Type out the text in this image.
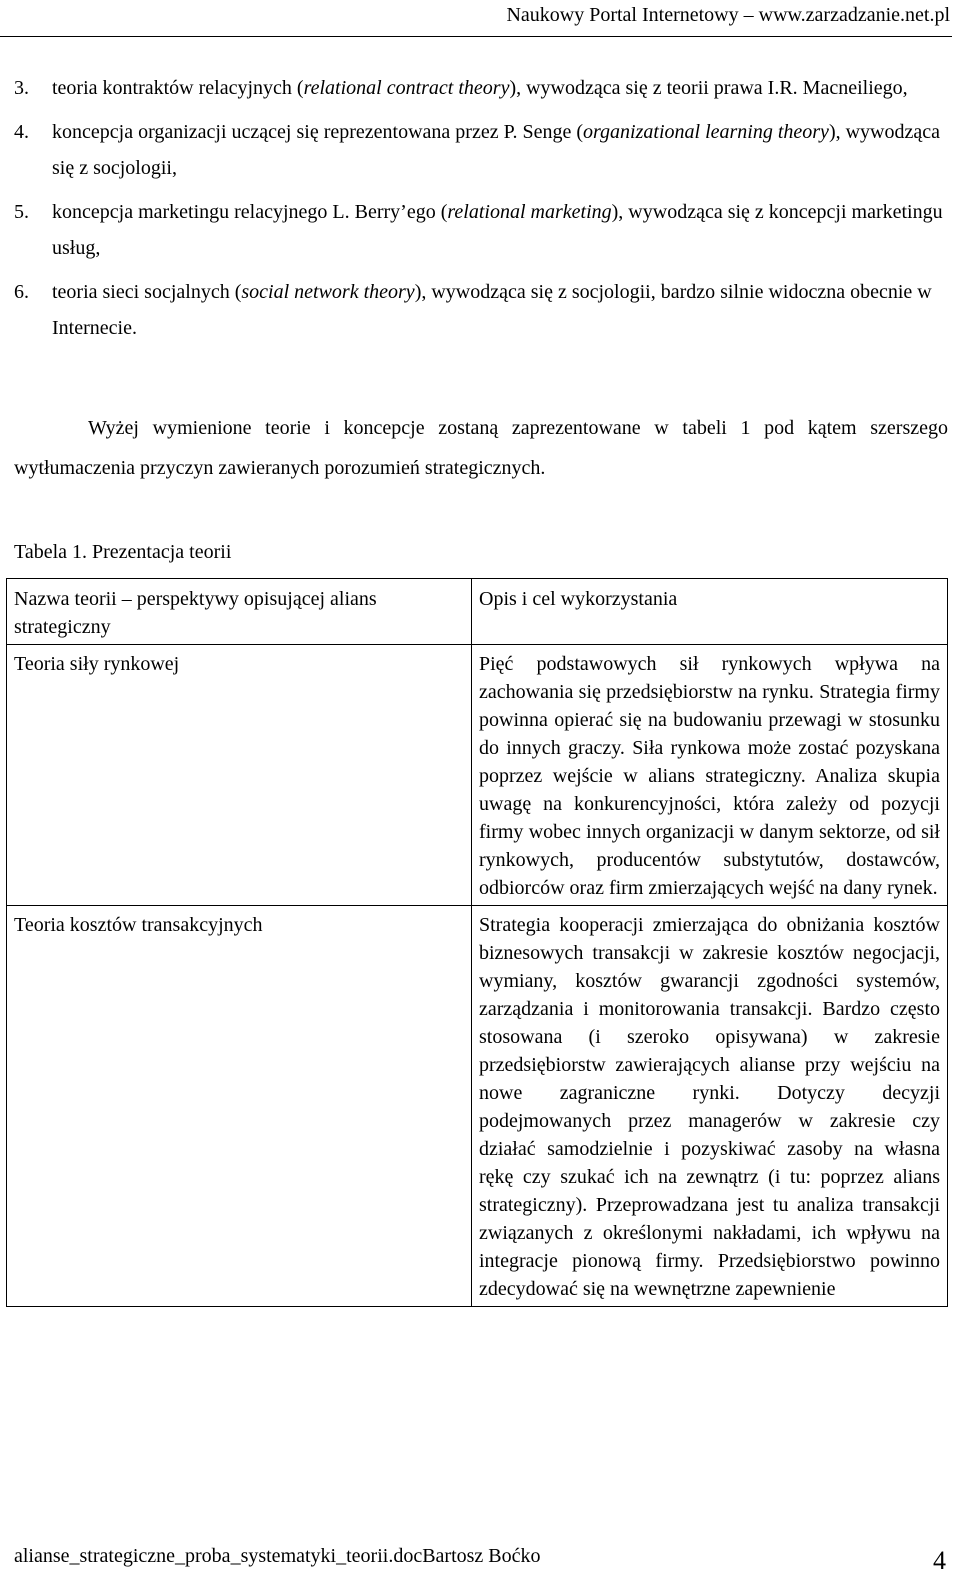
Naukowy Portal Internetowy – www.zarzadzanie.net.pl
3.	teoria kontraktów relacyjnych (relational contract theory), wywodząca się z teorii prawa I.R. Macneiliego,
4.	koncepcja organizacji uczącej się reprezentowana przez P. Senge (organizational learning theory), wywodząca się z socjologii,
5.	koncepcja marketingu relacyjnego L. Berry’ego (relational marketing), wywodząca się z koncepcji marketingu usług,
6.	teoria sieci socjalnych (social network theory), wywodząca się z socjologii, bardzo silnie widoczna obecnie w Internecie.

Wyżej wymienione teorie i koncepcje zostaną zaprezentowane w tabeli 1 pod kątem szerszego wytłumaczenia przyczyn zawieranych porozumień strategicznych.

Tabela 1. Prezentacja teorii
Nazwa teorii – perspektywy opisującej alians strategiczny	Opis i cel wykorzystania
Teoria siły rynkowej	Pięć podstawowych sił rynkowych wpływa na zachowania się przedsiębiorstw na rynku. Strategia firmy powinna opierać się na budowaniu przewagi w stosunku do innych graczy. Siła rynkowa może zostać pozyskana poprzez wejście w alians strategiczny. Analiza skupia uwagę na konkurencyjności, która zależy od pozycji firmy wobec innych organizacji w danym sektorze, od sił rynkowych, producentów substytutów, dostawców, odbiorców oraz firm zmierzających wejść na dany rynek.
Teoria kosztów transakcyjnych	Strategia kooperacji zmierzająca do obniżania kosztów biznesowych transakcji w zakresie kosztów negocjacji, wymiany, kosztów gwarancji zgodności systemów, zarządzania i monitorowania transakcji. Bardzo często stosowana (i szeroko opisywana) w zakresie przedsiębiorstw zawierających alianse przy wejściu na nowe zagraniczne rynki. Dotyczy decyzji podejmowanych przez managerów w zakresie czy działać samodzielnie i pozyskiwać zasoby na własna rękę czy szukać ich na zewnątrz (i tu: poprzez alians strategiczny). Przeprowadzana jest tu analiza transakcji związanych z określonymi nakładami, ich wpływu na integracje pionową firmy. Przedsiębiorstwo powinno zdecydować się na wewnętrzne zapewnienie
alianse_strategiczne_proba_systematyki_teorii.docBartosz Boćko	4
